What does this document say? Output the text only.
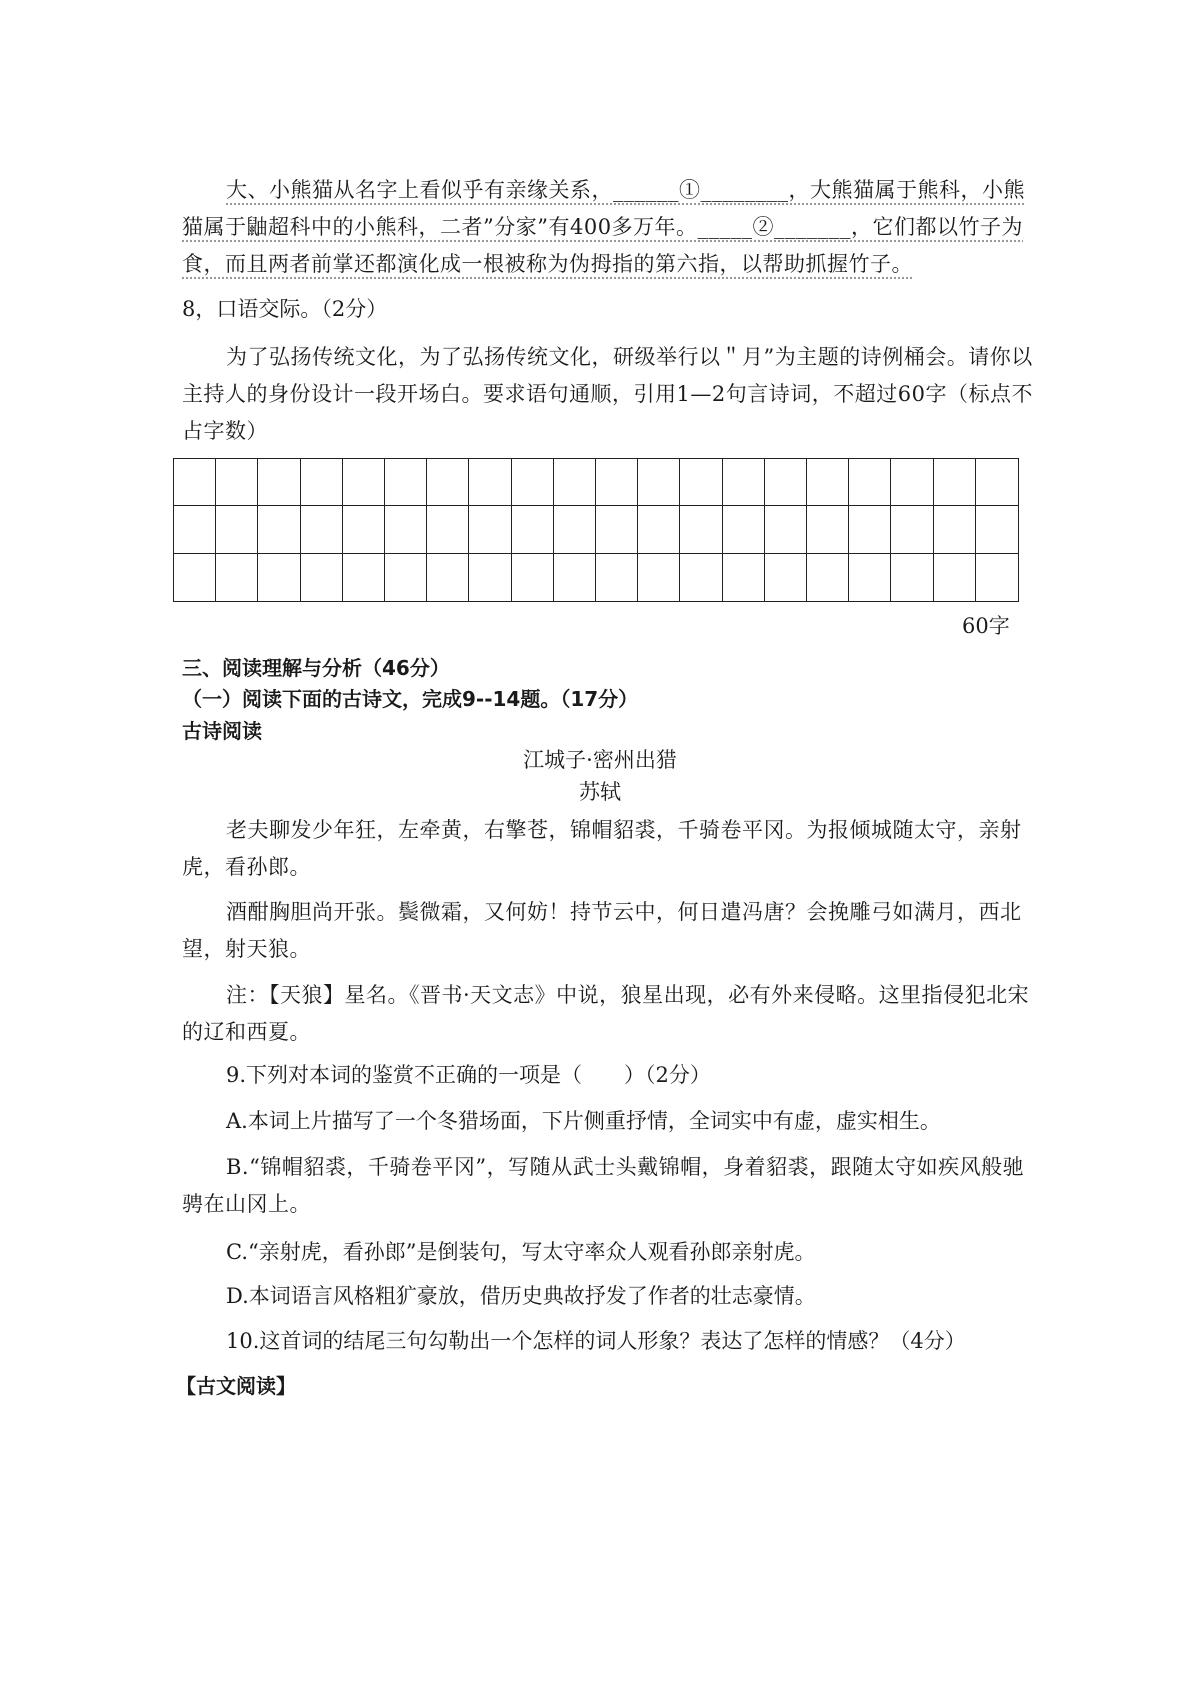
大、小熊猫从名字上看似乎有亲缘关系，______①________，大熊猫属于熊科，小熊猫属于鼬超科中的小熊科，二者”分家”有400多万年。_____②_______，它们都以竹子为食，而且两者前掌还都演化成一根被称为伪拇指的第六指，以帮助抓握竹子。
8，口语交际。（2分）
为了弘扬传统文化，为了弘扬传统文化，研级举行以＂月”为主题的诗例桶会。请你以主持人的身份设计一段开场白。要求语句通顺，引用1—2句言诗词，不超过60字（标点不占字数）
60字
三、阅读理解与分析（46分）
（一）阅读下面的古诗文，完成9--14题。（17分）
古诗阅读
江城子·密州出猎
苏轼
老夫聊发少年狂，左牵黄，右擎苍，锦帽貂裘，千骑卷平冈。为报倾城随太守，亲射虎，看孙郎。
酒酣胸胆尚开张。鬓微霜，又何妨！持节云中，何日遣冯唐？会挽雕弓如满月，西北望，射天狼。
注：【天狼】星名。《晋书·天文志》中说，狼星出现，必有外来侵略。这里指侵犯北宋的辽和西夏。
9.下列对本词的鉴赏不正确的一项是（　　）（2分）
A.本词上片描写了一个冬猎场面，下片侧重抒情，全词实中有虚，虚实相生。
B.“锦帽貂裘，千骑卷平冈”，写随从武士头戴锦帽，身着貂裘，跟随太守如疾风般驰骋在山冈上。
C.“亲射虎，看孙郎”是倒装句，写太守率众人观看孙郎亲射虎。
D.本词语言风格粗犷豪放，借历史典故抒发了作者的壮志豪情。
10.这首词的结尾三句勾勒出一个怎样的词人形象？表达了怎样的情感？（4分）
【古文阅读】
